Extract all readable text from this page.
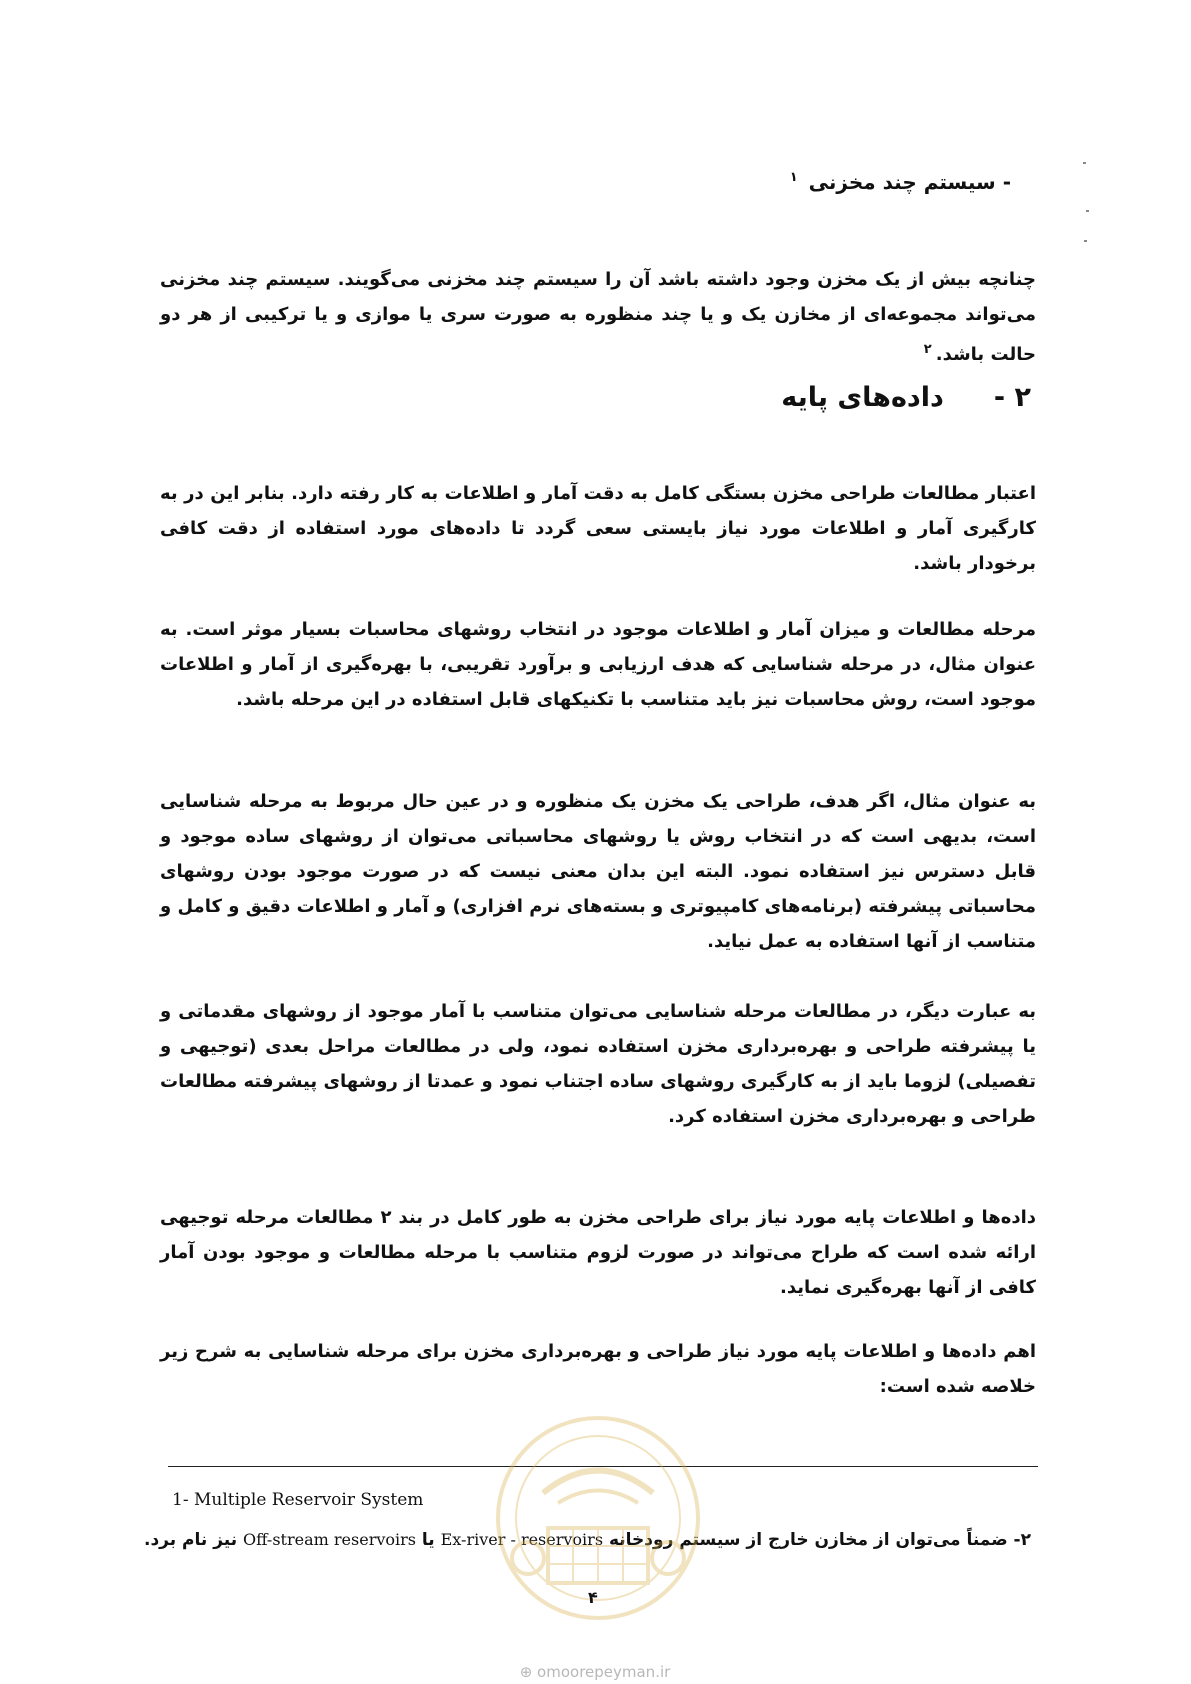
- سیستم چند مخزنی $^۱$
چنانچه بیش از یک مخزن وجود داشته باشد آن را سیستم چند مخزنی می‌گویند. سیستم چند مخزنی می‌تواند مجموعه‌ای از مخازن یک و یا چند منظوره به صورت سری یا موازی و یا ترکیبی از هر دو حالت باشد.$^۲$
۲ -
داده‌های پایه
اعتبار مطالعات طراحی مخزن بستگی کامل به دقت آمار و اطلاعات به کار رفته دارد. بنابر این در به کارگیری آمار و اطلاعات مورد نیاز بایستی سعی گردد تا داده‌های مورد استفاده از دقت کافی برخودار باشد.
مرحله مطالعات و میزان آمار و اطلاعات موجود در انتخاب روشهای محاسبات بسیار موثر است. به عنوان مثال، در مرحله شناسایی که هدف ارزیابی و برآورد تقریبی، با بهره‌گیری از آمار و اطلاعات موجود است، روش محاسبات نیز باید متناسب با تکنیکهای قابل استفاده در این مرحله باشد.
به عنوان مثال، اگر هدف، طراحی یک مخزن یک منظوره و در عین حال مربوط به مرحله شناسایی است، بدیهی است که در انتخاب روش یا روشهای محاسباتی می‌توان از روشهای ساده موجود و قابل دسترس نیز استفاده نمود. البته این بدان معنی نیست که در صورت موجود بودن روشهای محاسباتی پیشرفته (برنامه‌های کامپیوتری و بسته‌های نرم افزاری) و آمار و اطلاعات دقیق و کامل و متناسب از آنها استفاده به عمل نیاید.
به عبارت دیگر، در مطالعات مرحله شناسایی می‌توان متناسب با آمار موجود از روشهای مقدماتی و یا پیشرفته طراحی و بهره‌برداری مخزن استفاده نمود، ولی در مطالعات مراحل بعدی (توجیهی و تفصیلی) لزوما باید از به کارگیری روشهای ساده اجتناب نمود و عمدتا از روشهای پیشرفته مطالعات طراحی و بهره‌برداری مخزن استفاده کرد.
داده‌ها و اطلاعات پایه مورد نیاز برای طراحی مخزن به طور کامل در بند ۲ مطالعات مرحله توجیهی ارائه شده است که طراح می‌تواند در صورت لزوم متناسب با مرحله مطالعات و موجود بودن آمار کافی از آنها بهره‌گیری نماید.
اهم داده‌ها و اطلاعات پایه مورد نیاز طراحی و بهره‌برداری مخزن برای مرحله شناسایی به شرح زیر خلاصه شده است:
1- Multiple Reservoir System
۲- ضمناً می‌توان از مخازن خارج از سیستم رودخانه Ex-river - reservoirs یا Off-stream reservoirs نیز نام برد.
۴
⊕ omoorepeyman.ir
